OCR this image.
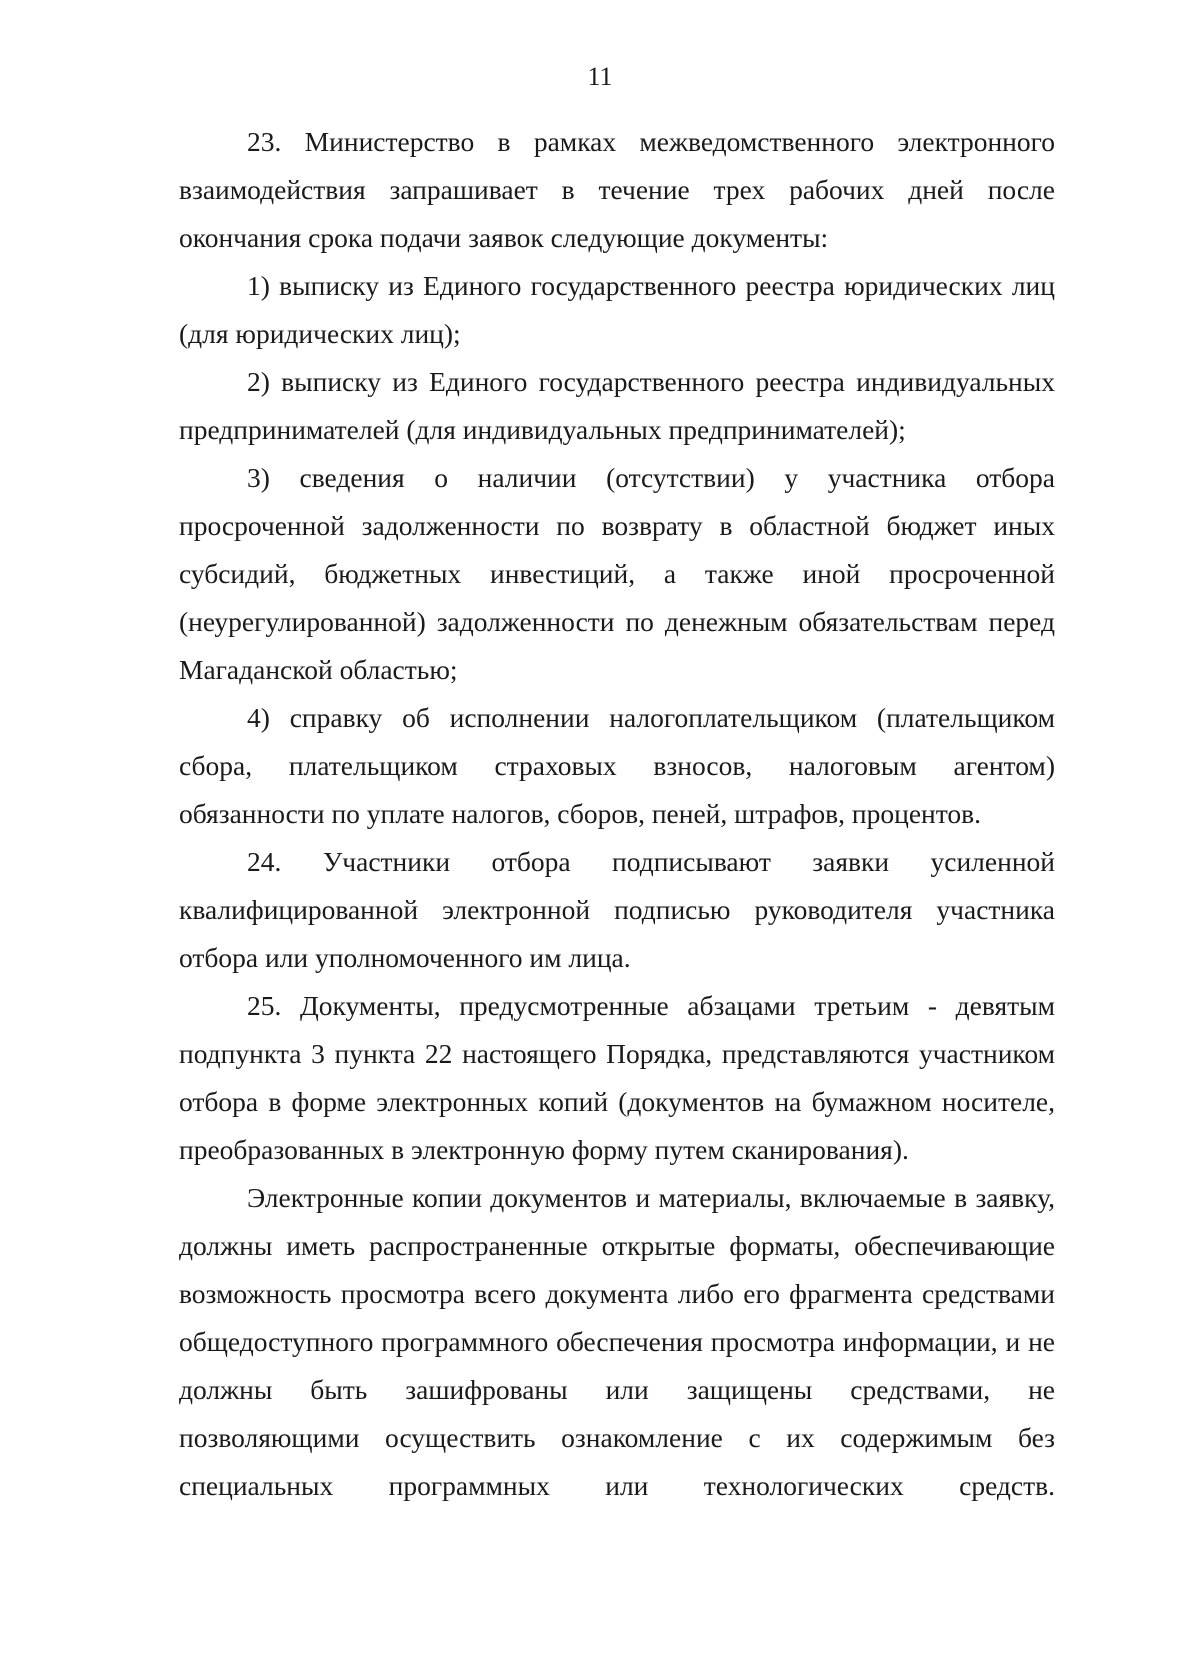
11

23. Министерство в рамках межведомственного электронного взаимодействия запрашивает в течение трех рабочих дней после окончания срока подачи заявок следующие документы:

1) выписку из Единого государственного реестра юридических лиц (для юридических лиц);

2) выписку из Единого государственного реестра индивидуальных предпринимателей (для индивидуальных предпринимателей);

3) сведения о наличии (отсутствии) у участника отбора просроченной задолженности по возврату в областной бюджет иных субсидий, бюджетных инвестиций, а также иной просроченной (неурегулированной) задолженности по денежным обязательствам перед Магаданской областью;

4) справку об исполнении налогоплательщиком (плательщиком сбора, плательщиком страховых взносов, налоговым агентом) обязанности по уплате налогов, сборов, пеней, штрафов, процентов.

24. Участники отбора подписывают заявки усиленной квалифицированной электронной подписью руководителя участника отбора или уполномоченного им лица.

25. Документы, предусмотренные абзацами третьим - девятым подпункта 3 пункта 22 настоящего Порядка, представляются участником отбора в форме электронных копий (документов на бумажном носителе, преобразованных в электронную форму путем сканирования).

Электронные копии документов и материалы, включаемые в заявку, должны иметь распространенные открытые форматы, обеспечивающие возможность просмотра всего документа либо его фрагмента средствами общедоступного программного обеспечения просмотра информации, и не должны быть зашифрованы или защищены средствами, не позволяющими осуществить ознакомление с их содержимым без специальных программных или технологических средств.
